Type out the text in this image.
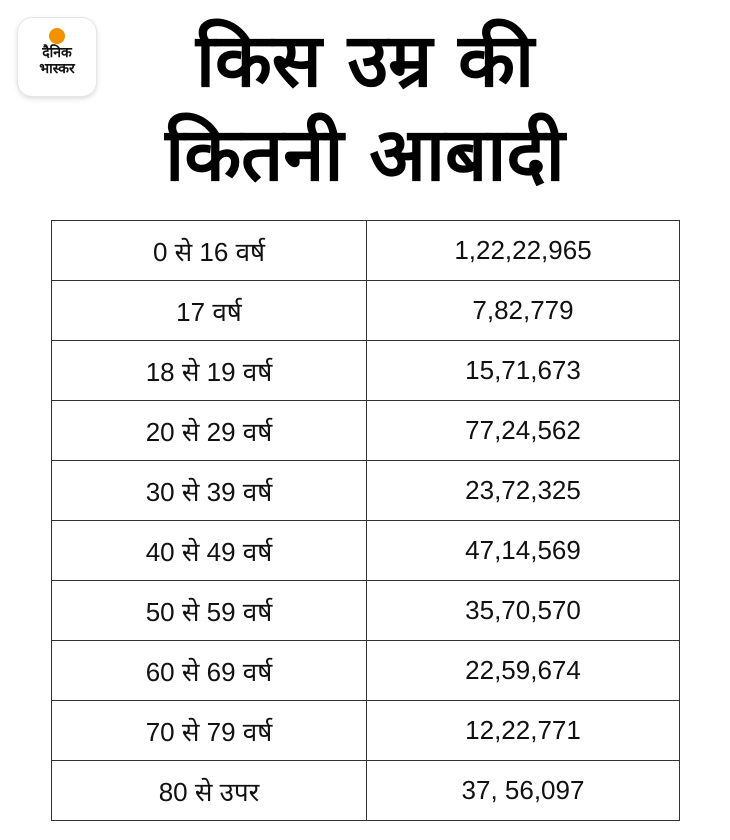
दैनिक
भास्कर	किस उम्र की
कितनी आबादी
0 से 16 वर्ष	1,22,22,965
17 वर्ष	7,82,779
18 से 19 वर्ष	15,71,673
20 से 29 वर्ष	77,24,562
30 से 39 वर्ष	23,72,325
40 से 49 वर्ष	47,14,569
50 से 59 वर्ष	35,70,570
60 से 69 वर्ष	22,59,674
70 से 79 वर्ष	12,22,771
80 से उपर	37, 56,097
